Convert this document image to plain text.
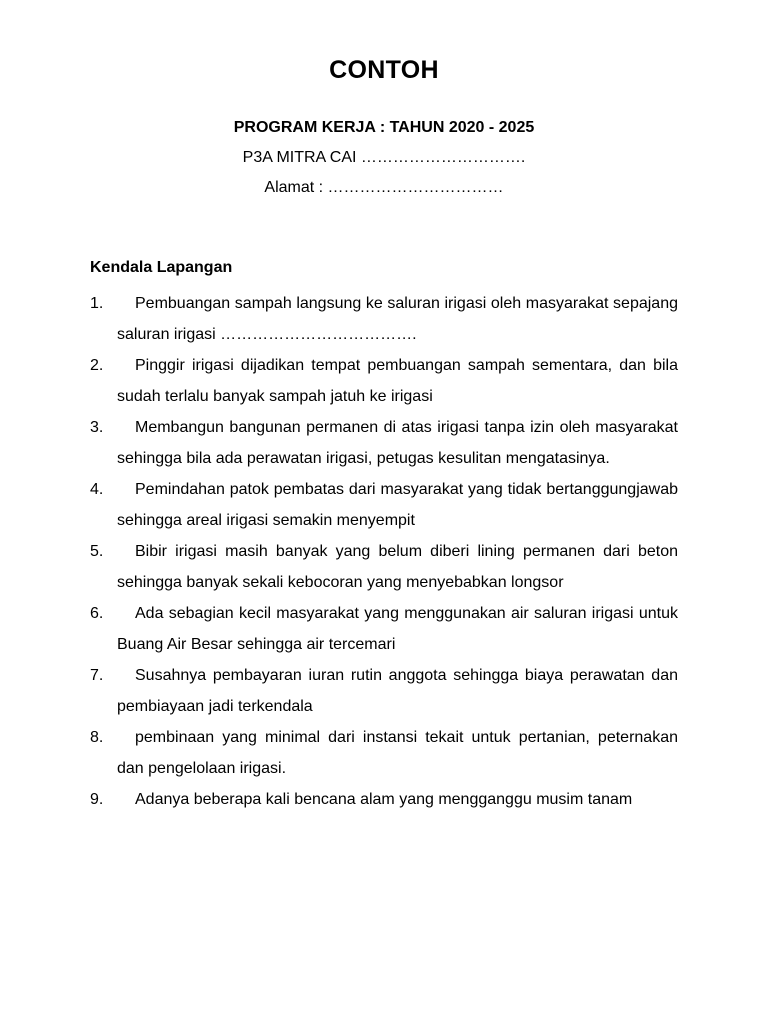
CONTOH
PROGRAM KERJA : TAHUN 2020 - 2025
P3A MITRA CAI ………………………….
Alamat : ……………………………
Kendala Lapangan
1.	Pembuangan sampah langsung ke saluran irigasi oleh masyarakat sepajang saluran irigasi ……………………………….
2.	Pinggir irigasi dijadikan tempat pembuangan sampah sementara, dan bila sudah terlalu banyak sampah jatuh ke irigasi
3.	Membangun bangunan permanen di atas irigasi tanpa izin oleh masyarakat sehingga bila ada perawatan irigasi, petugas kesulitan mengatasinya.
4.	Pemindahan patok pembatas dari masyarakat yang tidak bertanggungjawab sehingga areal irigasi semakin menyempit
5.	Bibir irigasi masih banyak yang belum diberi lining permanen dari beton sehingga banyak sekali kebocoran yang menyebabkan longsor
6.	Ada sebagian kecil masyarakat yang menggunakan air saluran irigasi untuk Buang Air Besar sehingga air tercemari
7.	Susahnya pembayaran iuran rutin anggota sehingga biaya perawatan dan pembiayaan jadi terkendala
8.	pembinaan yang minimal dari instansi tekait untuk pertanian, peternakan dan pengelolaan irigasi.
9.	Adanya beberapa kali bencana alam yang mengganggu musim tanam
